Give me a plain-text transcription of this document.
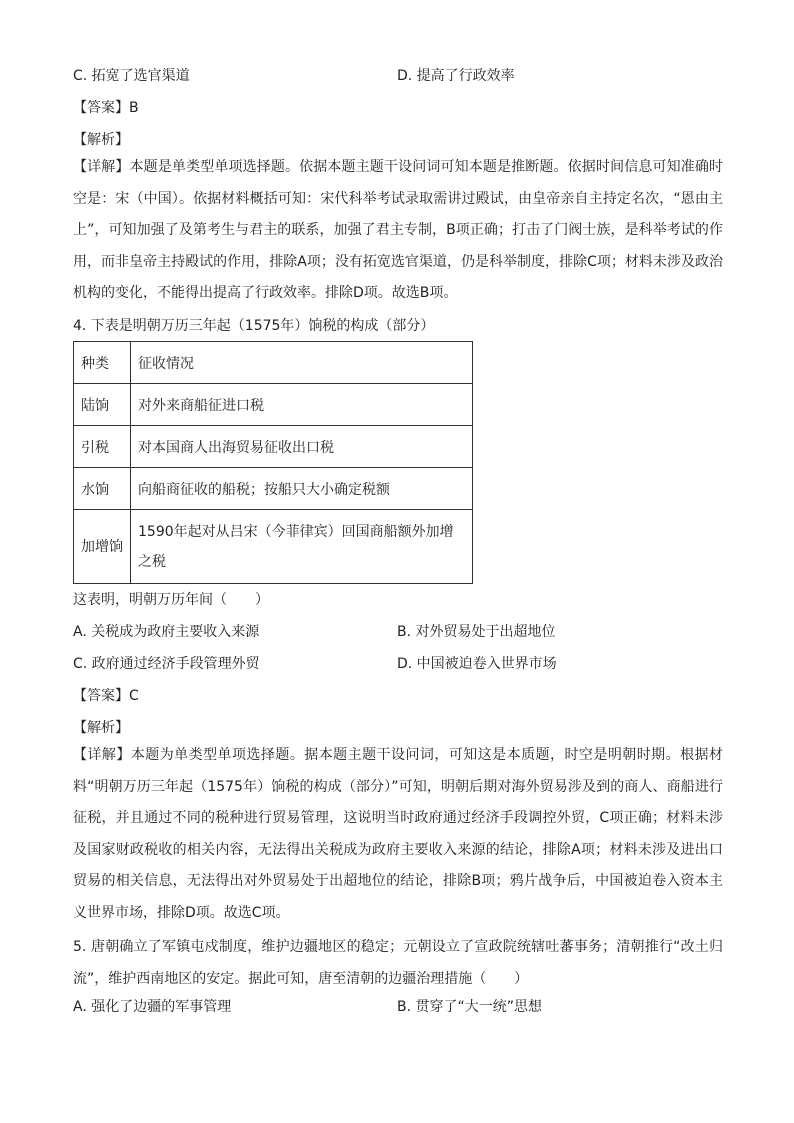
C. 拓宽了选官渠道	D. 提高了行政效率
【答案】B
【解析】
【详解】本题是单类型单项选择题。依据本题主题干设问词可知本题是推断题。依据时间信息可知准确时空是：宋（中国）。依据材料概括可知：宋代科举考试录取需讲过殿试，由皇帝亲自主持定名次，“恩由主上”，可知加强了及第考生与君主的联系，加强了君主专制，B项正确；打击了门阀士族，是科举考试的作用，而非皇帝主持殿试的作用，排除A项；没有拓宽选官渠道，仍是科举制度，排除C项；材料未涉及政治机构的变化，不能得出提高了行政效率。排除D项。故选B项。
4. 下表是明朝万历三年起（1575年）饷税的构成（部分）
种类	征收情况
陆饷	对外来商船征进口税
引税	对本国商人出海贸易征收出口税
水饷	向船商征收的船税；按船只大小确定税额

加增饷	1590年起对从吕宋（今菲律宾）回国商船额外加增之税
这表明，明朝万历年间（　　）
A. 关税成为政府主要收入来源	B. 对外贸易处于出超地位
C. 政府通过经济手段管理外贸	D. 中国被迫卷入世界市场
【答案】C
【解析】
【详解】本题为单类型单项选择题。据本题主题干设问词，可知这是本质题，时空是明朝时期。根据材料“明朝万历三年起（1575年）饷税的构成（部分）”可知，明朝后期对海外贸易涉及到的商人、商船进行征税，并且通过不同的税种进行贸易管理，这说明当时政府通过经济手段调控外贸，C项正确；材料未涉及国家财政税收的相关内容，无法得出关税成为政府主要收入来源的结论，排除A项；材料未涉及进出口贸易的相关信息，无法得出对外贸易处于出超地位的结论，排除B项；鸦片战争后，中国被迫卷入资本主义世界市场，排除D项。故选C项。
5. 唐朝确立了军镇屯戍制度，维护边疆地区的稳定；元朝设立了宣政院统辖吐蕃事务；清朝推行“改土归流”，维护西南地区的安定。据此可知，唐至清朝的边疆治理措施（　　）
A. 强化了边疆的军事管理	B. 贯穿了“大一统”思想
